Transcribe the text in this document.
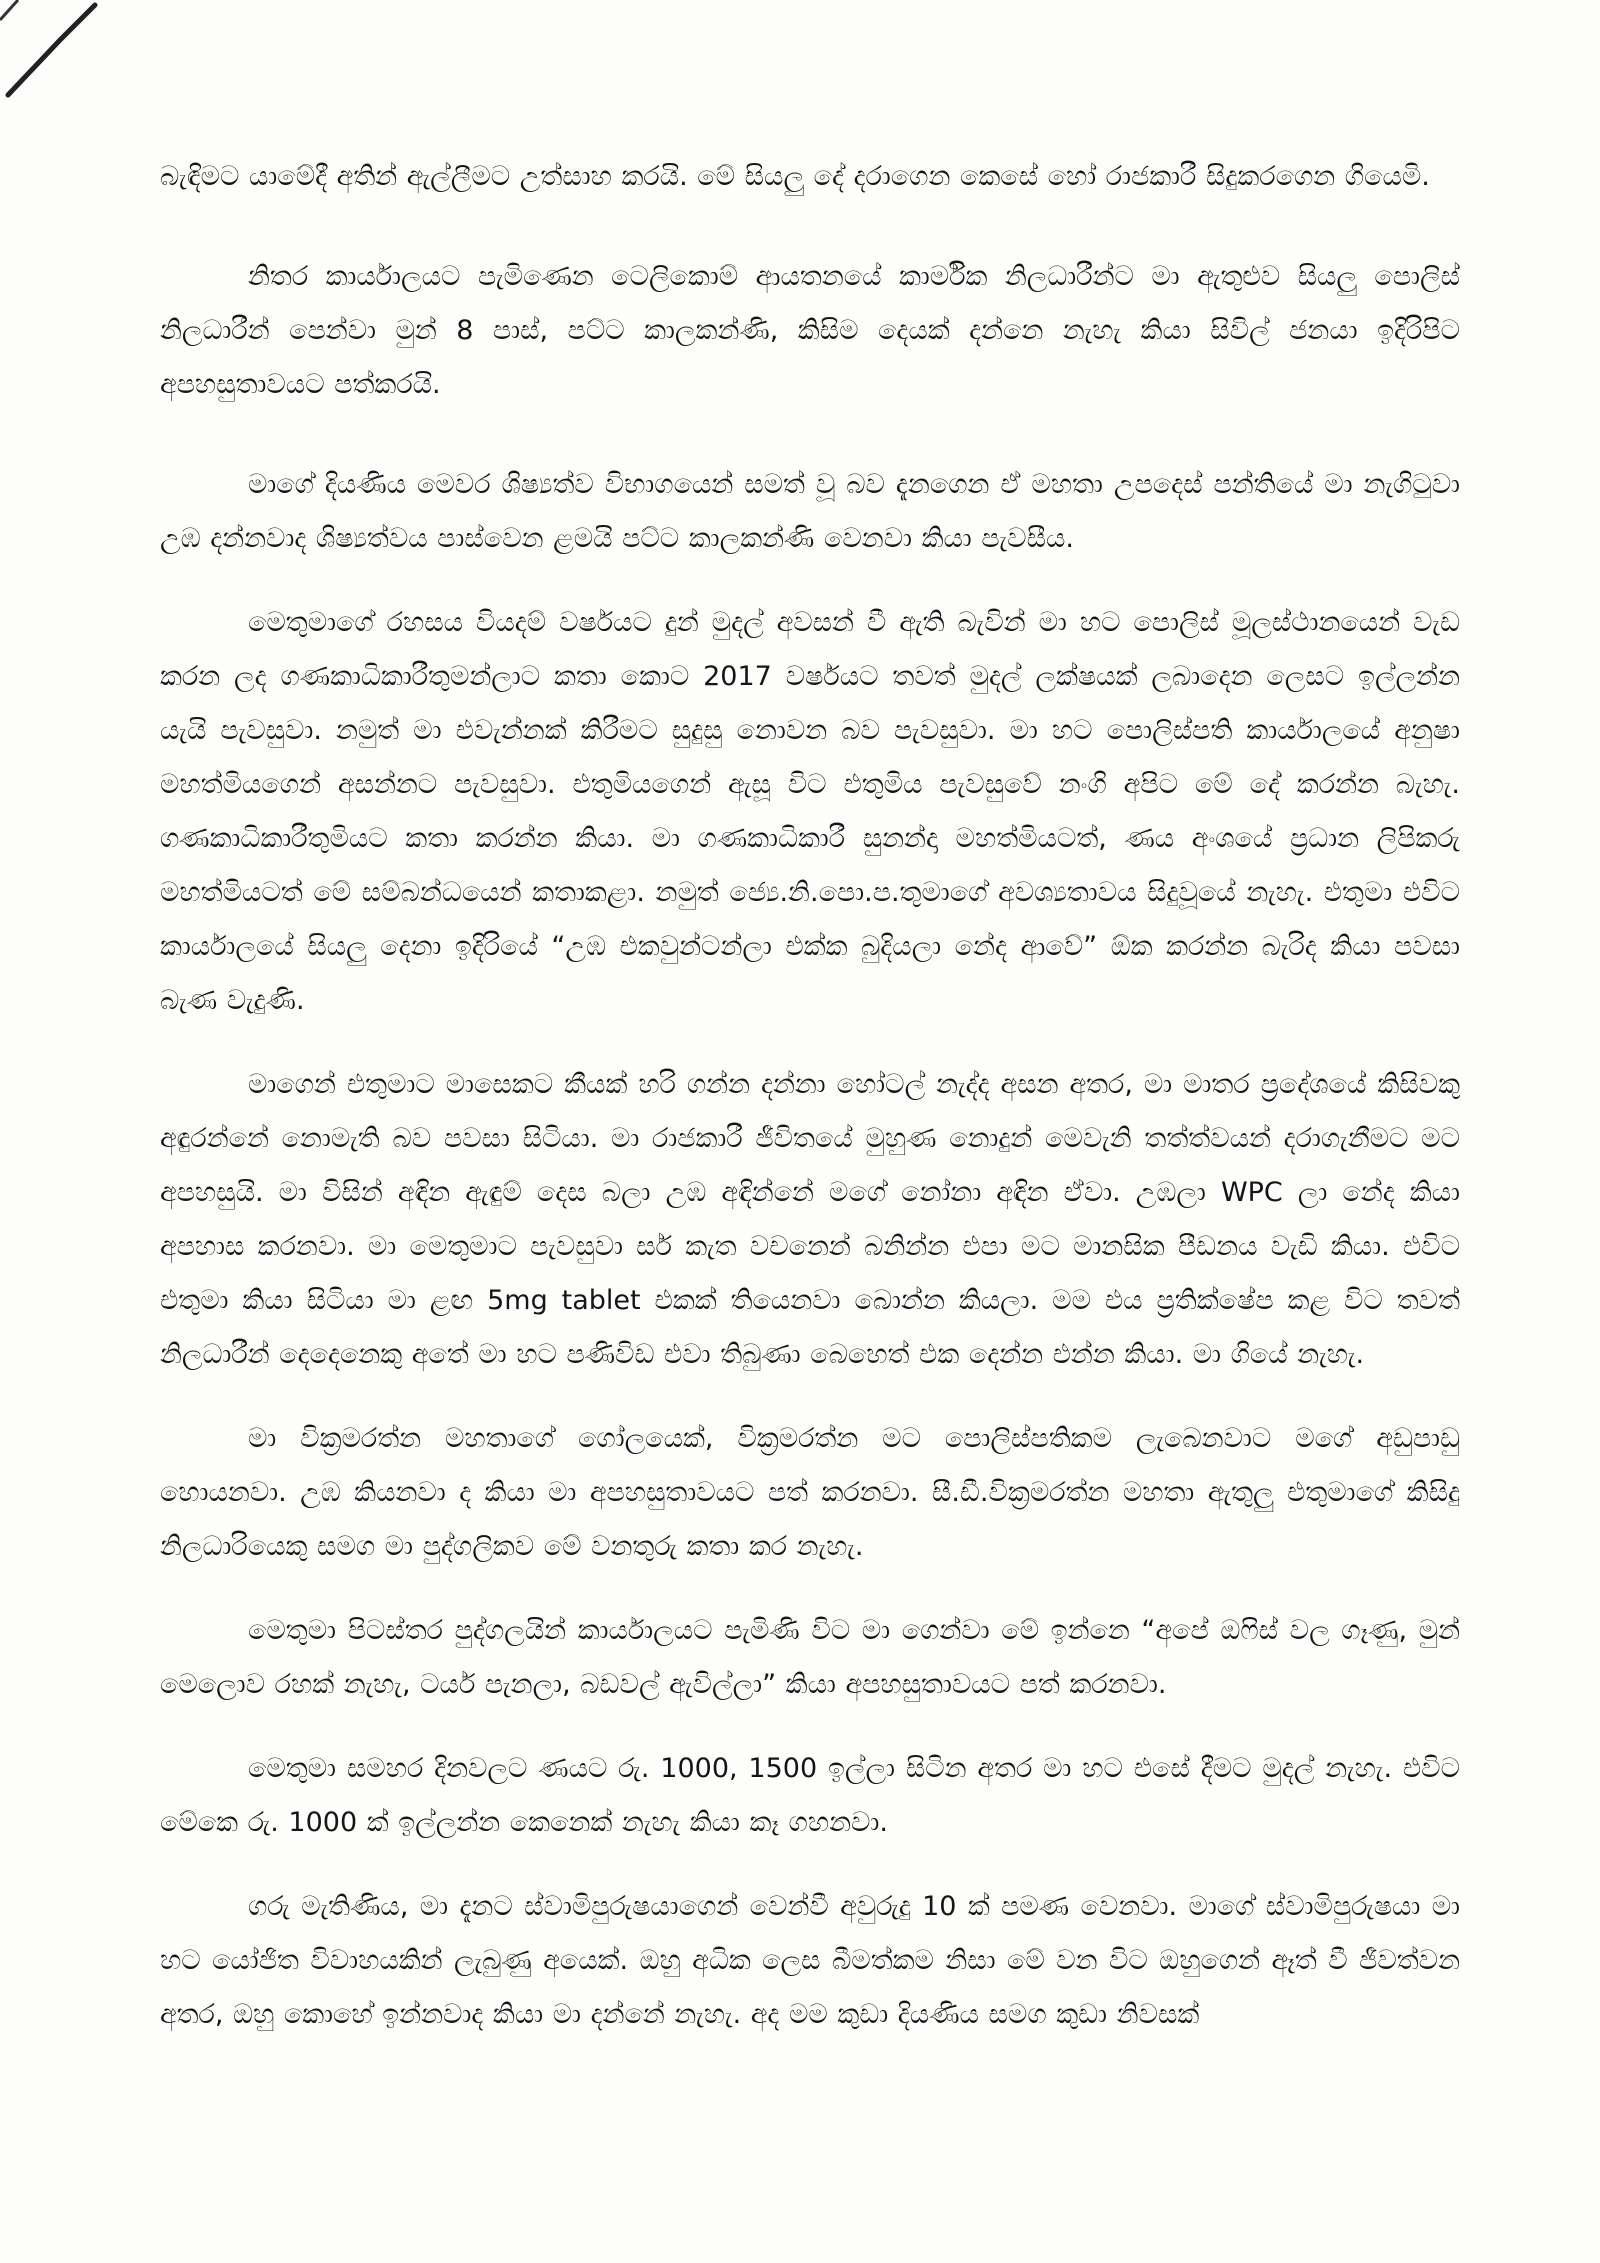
බැඳිමට යාමේදී අතින් ඇල්ලීමට උත්සාහ කරයි. මේ සියලු දේ දරාගෙන කෙසේ හෝ රාජකාරී සිදුකරගෙන ගියෙමි.

නිතර කාර්යාලයට පැමිණෙන ටෙලිකොම් ආයතනයේ කාර්මික නිලධාරීන්ට මා ඇතුළුව සියලු පොලිස් නිලධාරීන් පෙන්වා මුන් 8 පාස්, පට්ට කාලකන්ණි, කිසිම දෙයක් දන්නෙ නැහැ කියා සිවිල් ජනයා ඉදිරිපිට අපහසුතාවයට පත්කරයි.

මාගේ දියණිය මෙවර ශිෂ්‍යත්ව විභාගයෙන් සමත් වූ බව දැනගෙන ඒ මහතා උපදෙස් පන්තියේ මා නැගිටුවා උඹ දන්නවාද ශිෂ්‍යත්වය පාස්වෙන ළමයි පට්ට කාලකන්ණි වෙනවා කියා පැවසීය.

මෙතුමාගේ රහසය වියදම් වර්ෂයට දුන් මුදල් අවසන් වී ඇති බැවින් මා හට පොලිස් මූලස්ථානයෙන් වැඩ කරන ලද ගණකාධිකාරීතුමන්ලාට කතා කොට 2017 වර්ෂයට තවත් මුදල් ලක්ෂයක් ලබාදෙන ලෙසට ඉල්ලන්න යැයි පැවසුවා. නමුත් මා එවැන්නක් කිරීමට සුදුසු නොවන බව පැවසුවා. මා හට පොලිස්පති කාර්යාලයේ අනුෂා මහත්මියගෙන් අසන්නට පැවසුවා. එතුමියගෙන් ඇසූ විට එතුමිය පැවසුවේ නංගි අපිට මේ දේ කරන්න බැහැ. ගණකාධිකාරීතුමියට කතා කරන්න කියා. මා ගණකාධිකාරී සුනන්දා මහත්මියටත්, ණය අංශයේ ප්‍රධාන ලිපිකරු මහත්මියටත් මේ සම්බන්ධයෙන් කතාකළා. නමුත් ජ්‍යෙ.නි.පො.ප.තුමාගේ අවශ්‍යතාවය සිදුවූයේ නැහැ. එතුමා එවිට කාර්යාලයේ සියලු දෙනා ඉදිරියේ “උඹ එකවුන්ටන්ලා එක්ක බුදියලා නේද ආවේ” ඕක කරන්න බැරිද කියා පවසා බැණ වැදුණි.

මාගෙන් එතුමාට මාසෙකට කීයක් හරි ගන්න දන්නා හෝටල් නැද්ද අසන අතර, මා මාතර ප්‍රදේශයේ කිසිවකු අඳුරන්නේ නොමැති බව පවසා සිටියා. මා රාජකාරී ජීවිතයේ මුහුණ නොදුන් මෙවැනි තත්ත්වයන් දරාගැනීමට මට අපහසුයි. මා විසින් අඳින ඇඳුම් දෙස බලා උඹ අඳින්නේ මගේ නෝනා අඳින ඒවා. උඹලා WPC ලා නේද කියා අපහාස කරනවා. මා මෙතුමාට පැවසුවා සර් කැත වචනෙන් බනින්න එපා මට මානසික පීඩනය වැඩි කියා. එවිට එතුමා කියා සිටියා මා ළඟ 5mg tablet එකක් තියෙනවා බොන්න කියලා. මම එය ප්‍රතික්ෂේප කළ විට තවත් නිලධාරීන් දෙදෙනෙකු අතේ මා හට පණිවිඩ එවා තිබුණා බෙහෙත් එක දෙන්න එන්න කියා. මා ගියේ නැහැ.

මා වික්‍රමරත්න මහතාගේ ගෝලයෙක්, වික්‍රමරත්න මට පොලිස්පතිකම ලැබෙනවාට මගේ අඩුපාඩු හොයනවා. උඹ කියනවා ද කියා මා අපහසුතාවයට පත් කරනවා. සී.ඩී.වික්‍රමරත්න මහතා ඇතුලු එතුමාගේ කිසිදු නිලධාරියෙකු සමග මා පුද්ගලිකව මේ වනතුරු කතා කර නැහැ.

මෙතුමා පිටස්තර පුද්ගලයින් කාර්යාලයට පැමිණි විට මා ගෙන්වා මේ ඉන්නෙ “අපේ ඔෆිස් වල ගෑණු, මුන් මෙලොව රහක් නැහැ, ටයර් පැනලා, බඩවල් ඇවිල්ලා” කියා අපහසුතාවයට පත් කරනවා.

මෙතුමා සමහර දිනවලට ණයට රු. 1000, 1500 ඉල්ලා සිටින අතර මා හට එසේ දීමට මුදල් නැහැ. එවිට මේකෙ රු. 1000 ක් ඉල්ලන්න කෙනෙක් නැහැ කියා කෑ ගහනවා.

ගරු මැතිණිය, මා දැනට ස්වාමිපුරුෂයාගෙන් වෙන්වී අවුරුදු 10 ක් පමණ වෙනවා. මාගේ ස්වාමිපුරුෂයා මා හට යෝජිත විවාහයකින් ලැබුණු අයෙක්. ඔහු අධික ලෙස බීමත්කම නිසා මේ වන විට ඔහුගෙන් ඈත් වී ජීවත්වන අතර, ඔහු කොහේ ඉන්නවාද කියා මා දන්නේ නැහැ. අද මම කුඩා දියණිය සමග කුඩා නිවසක්
